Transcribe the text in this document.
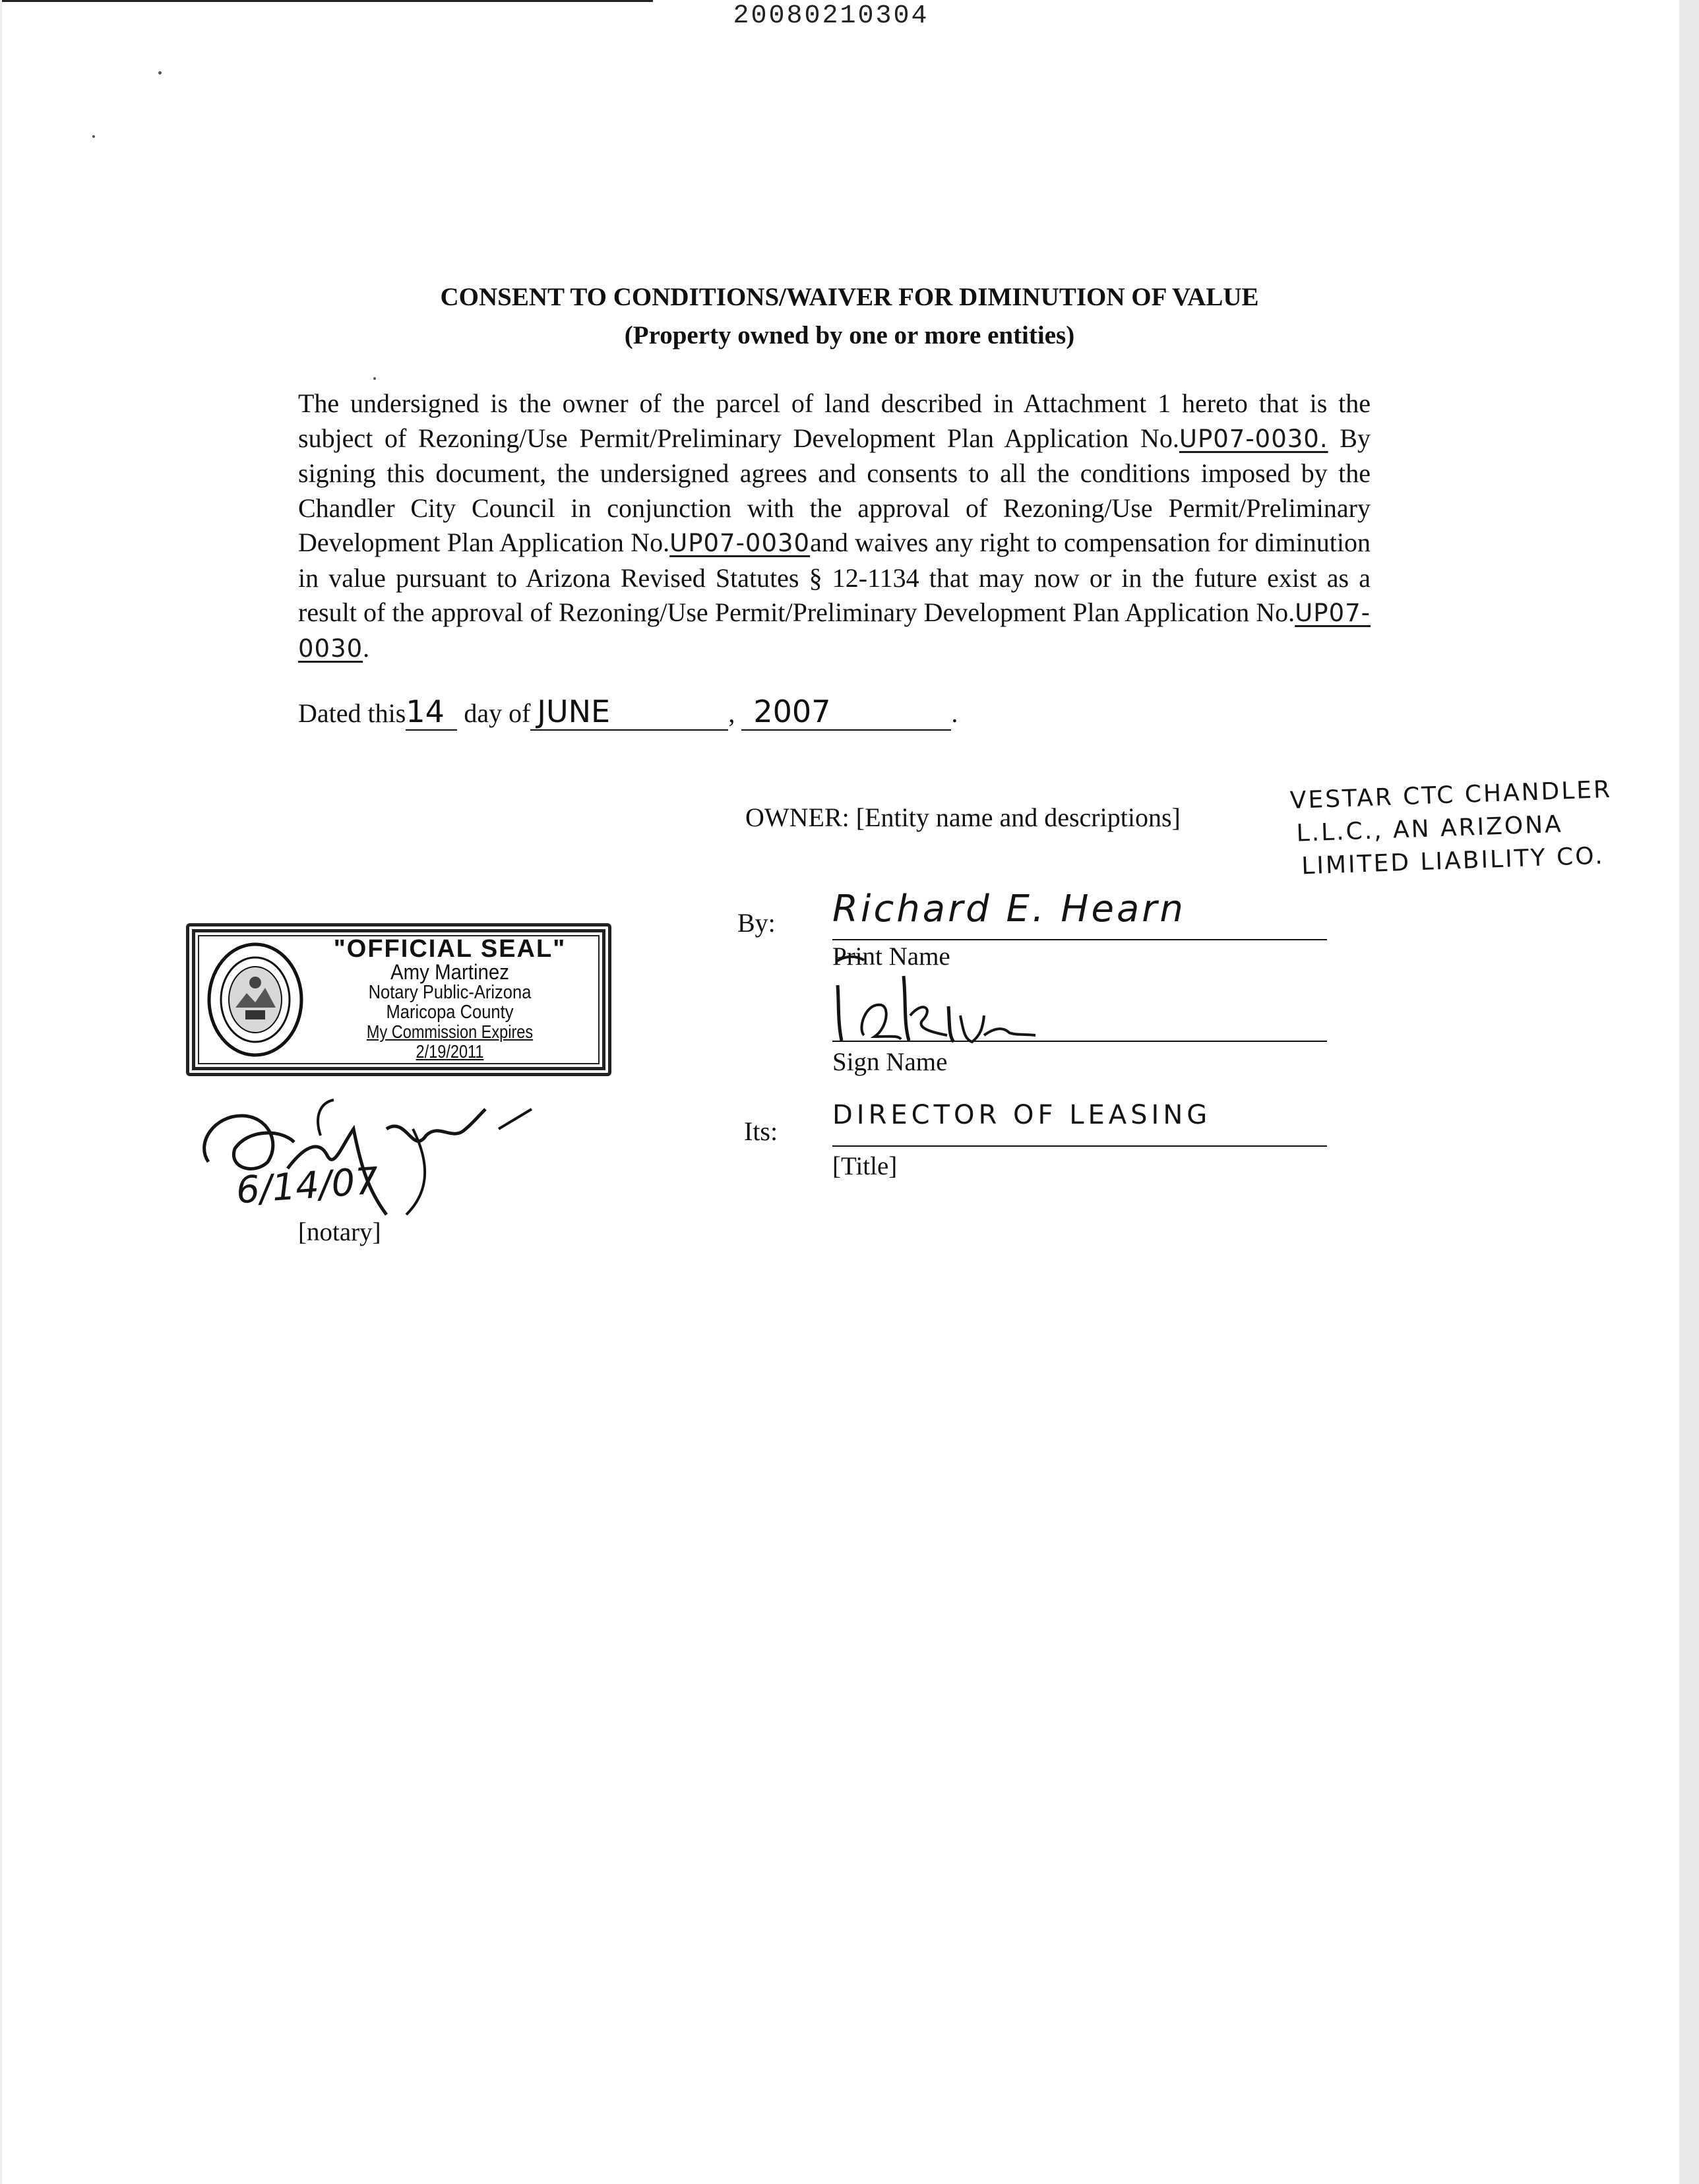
20080210304
CONSENT TO CONDITIONS/WAIVER FOR DIMINUTION OF VALUE
(Property owned by one or more entities)
The undersigned is the owner of the parcel of land described in Attachment 1 hereto that is the subject of Rezoning/Use Permit/Preliminary Development Plan Application No.UP07-0030. By signing this document, the undersigned agrees and consents to all the conditions imposed by the Chandler City Council in conjunction with the approval of Rezoning/Use Permit/Preliminary Development Plan Application No.UP07-0030and waives any right to compensation for diminution in value pursuant to Arizona Revised Statutes § 12-1134 that may now or in the future exist as a result of the approval of Rezoning/Use Permit/Preliminary Development Plan Application No.UP07-0030.
Dated this14 day of JUNE	, 2007	.
OWNER: [Entity name and descriptions]
VESTAR CTC CHANDLER
L.L.C., AN ARIZONA
LIMITED LIABILITY CO.
By: Richard E. Hearn
Print Name
Sign Name
Its:
DIRECTOR OF LEASING
[Title]
"OFFICIAL SEAL"
Amy Martinez
Notary Public-Arizona
Maricopa County
My Commission Expires 2/19/2011
6/14/07
[notary]
